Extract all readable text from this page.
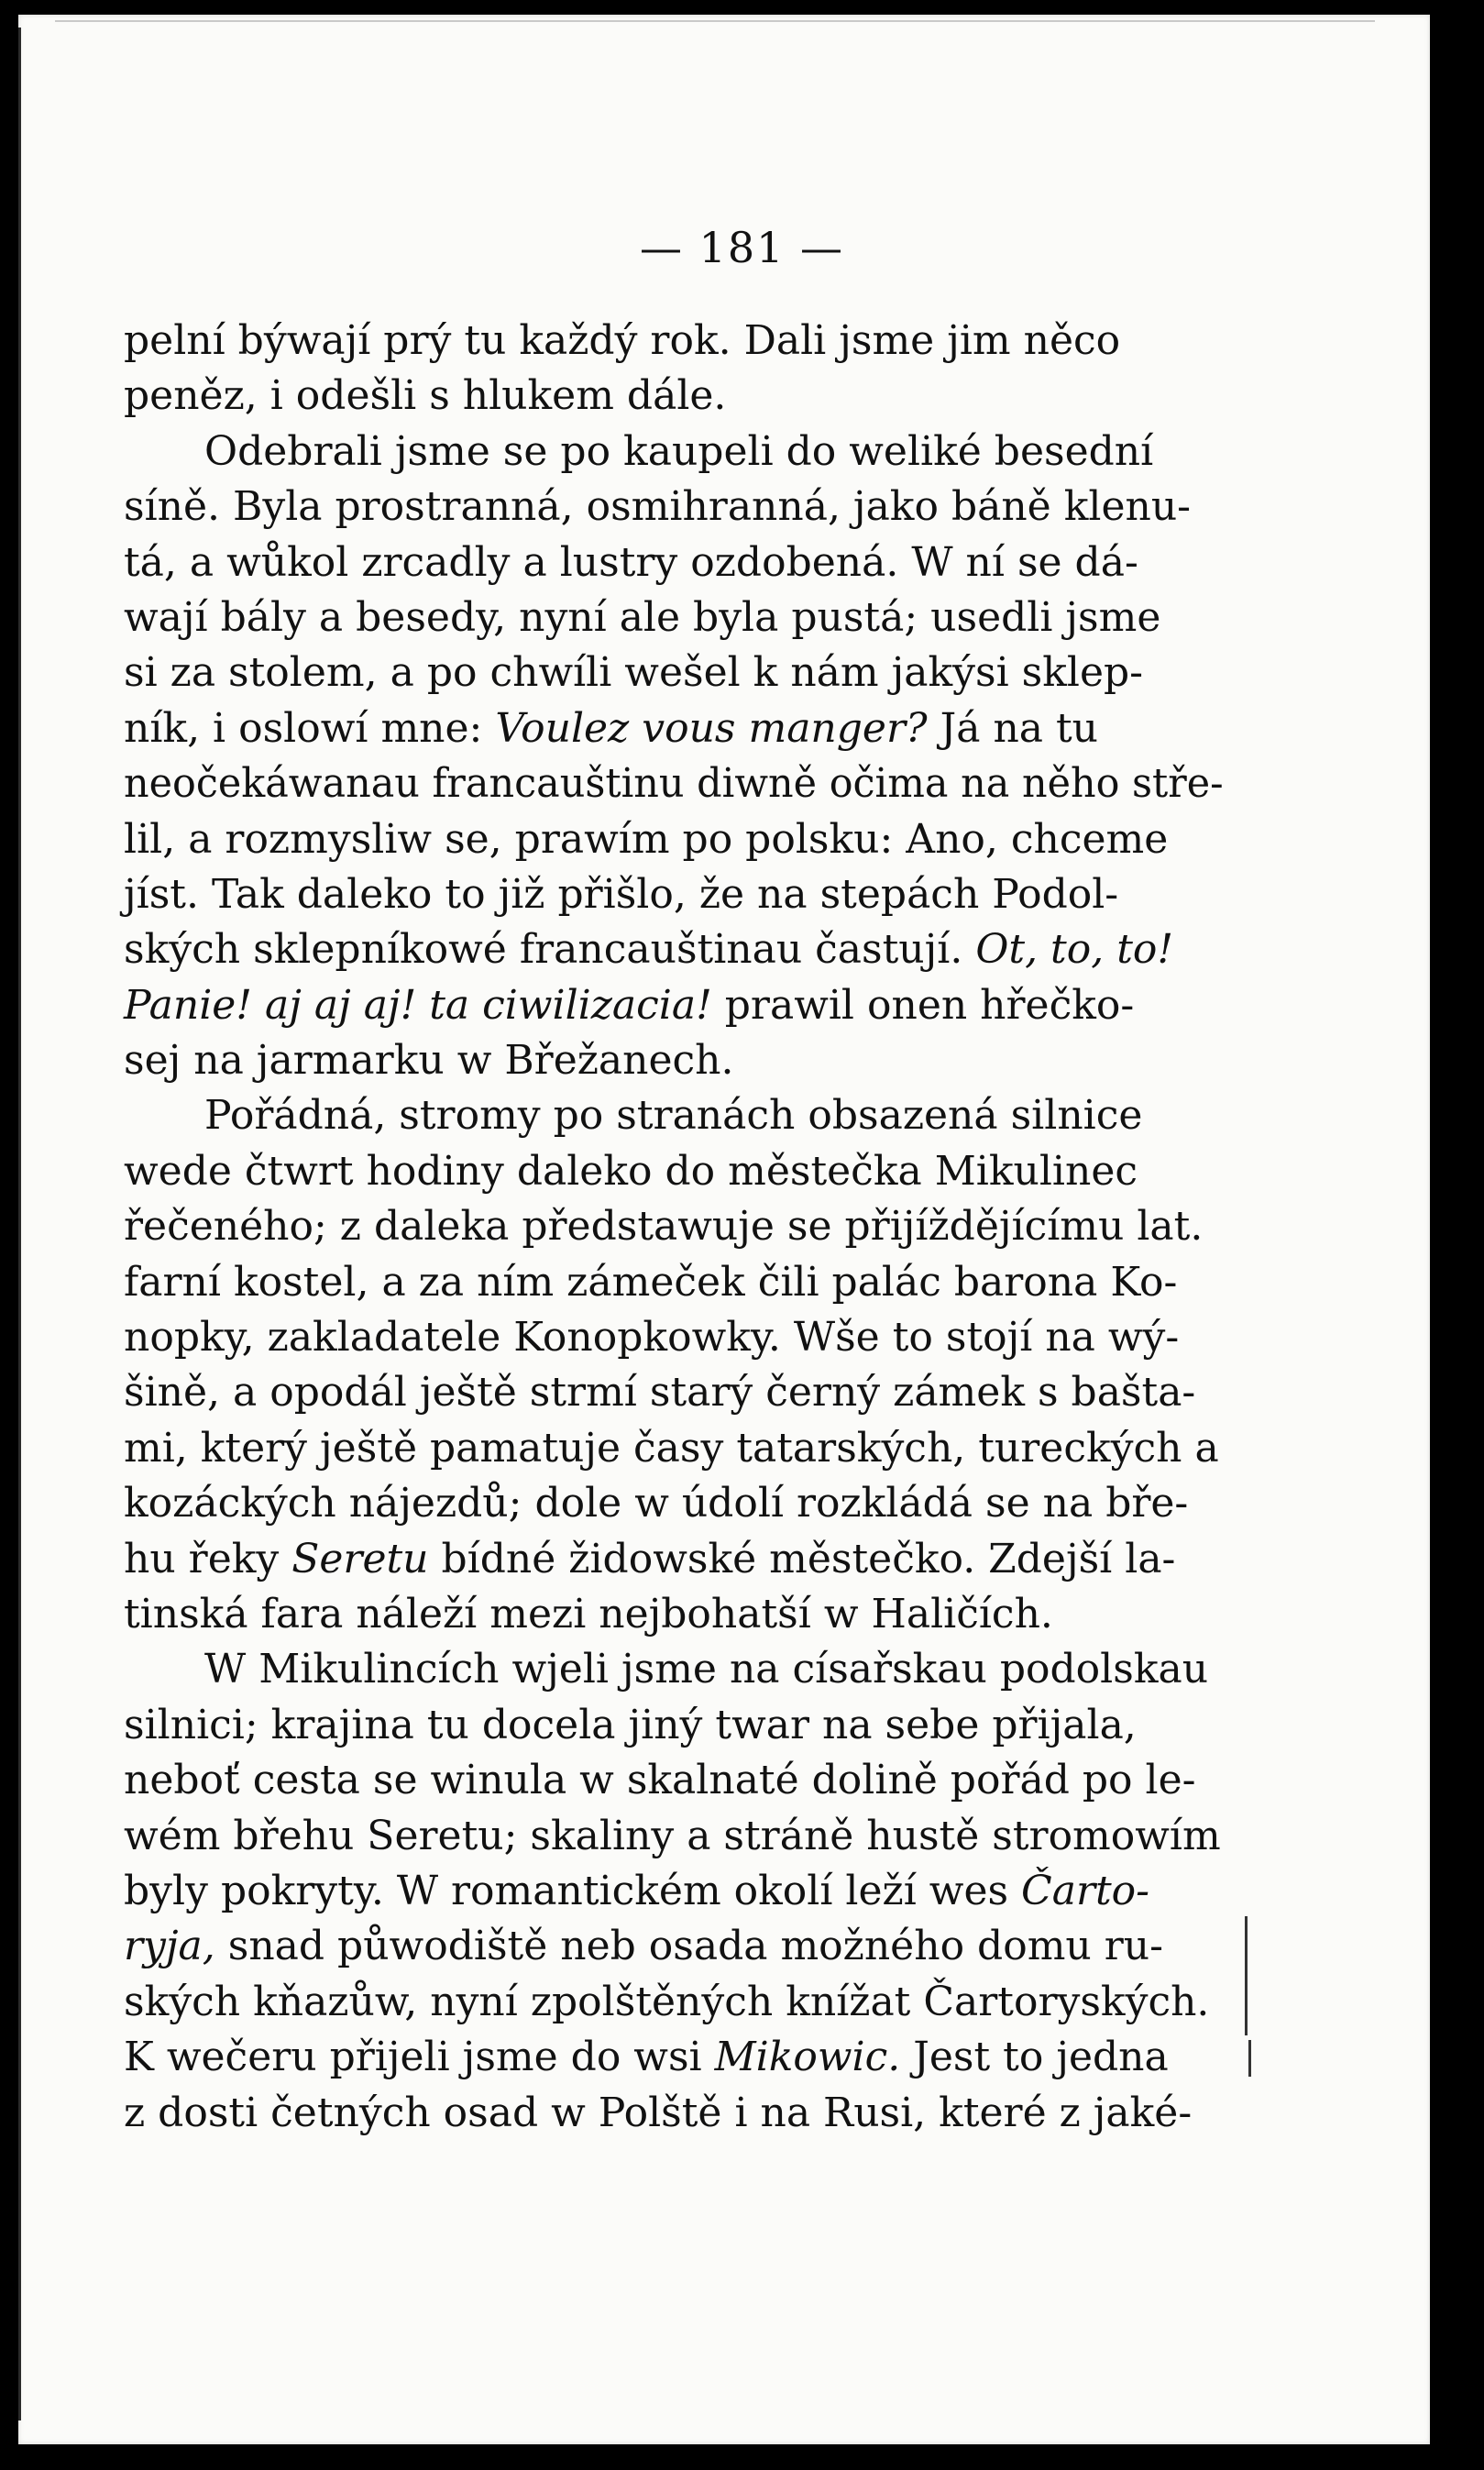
— 181 —
pelní býwají prý tu každý rok. Dali jsme jim něco
peněz, i odešli s hlukem dále.
Odebrali jsme se po kaupeli do weliké besední
síně. Byla prostranná, osmihranná, jako báně klenu-
tá, a wůkol zrcadly a lustry ozdobená. W ní se dá-
wají bály a besedy, nyní ale byla pustá; usedli jsme
si za stolem, a po chwíli wešel k nám jakýsi sklep-
ník, i oslowí mne: Voulez vous manger? Já na tu
neočekáwanau francauštinu diwně očima na něho stře-
lil, a rozmysliw se, prawím po polsku: Ano, chceme
jíst. Tak daleko to již přišlo, že na stepách Podol-
ských sklepníkowé francauštinau častují. Ot, to, to!
Panie! aj aj aj! ta ciwilizacia! prawil onen hřečko-
sej na jarmarku w Břežanech.
Pořádná, stromy po stranách obsazená silnice
wede čtwrt hodiny daleko do městečka Mikulinec
řečeného; z daleka předstawuje se přijíždějícímu lat.
farní kostel, a za ním zámeček čili palác barona Ko-
nopky, zakladatele Konopkowky. Wše to stojí na wý-
šině, a opodál ještě strmí starý černý zámek s bašta-
mi, který ještě pamatuje časy tatarských, tureckých a
kozáckých nájezdů; dole w údolí rozkládá se na bře-
hu řeky Seretu bídné židowské městečko. Zdejší la-
tinská fara náleží mezi nejbohatší w Haličích.
W Mikulincích wjeli jsme na císařskau podolskau
silnici; krajina tu docela jiný twar na sebe přijala,
neboť cesta se winula w skalnaté dolině pořád po le-
wém břehu Seretu; skaliny a stráně hustě stromowím
byly pokryty. W romantickém okolí leží wes Čarto-
ryja, snad půwodiště neb osada možného domu ru-
ských kňazůw, nyní zpolštěných knížat Čartoryských.
K wečeru přijeli jsme do wsi Mikowic. Jest to jedna
z dosti četných osad w Polště i na Rusi, které z jaké-
